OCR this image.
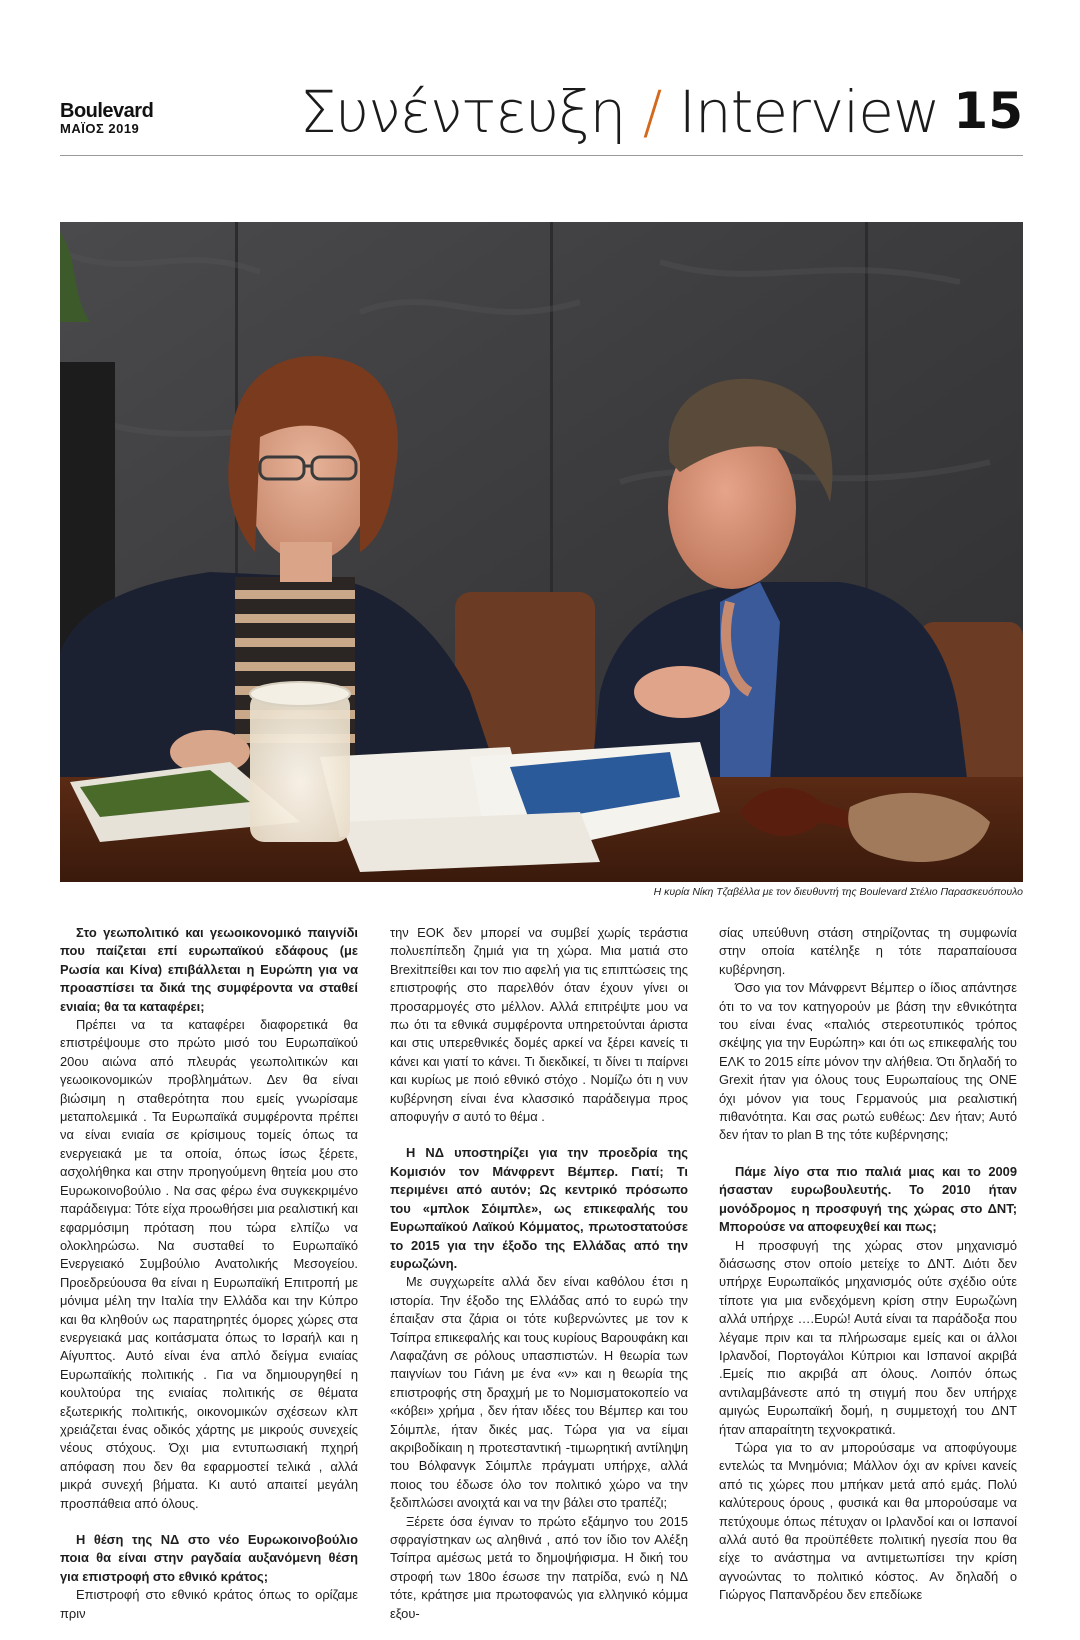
Boulevard
ΜΑΪΟΣ 2019	Συνέντευξη / Interview 15
Η κυρία Νίκη Τζαβέλλα με τον διευθυντή της Boulevard Στέλιο Παρασκευόπουλο

Στο γεωπολιτικό και γεωοικονομικό παιγνίδι που παίζεται επί ευρωπαϊκού εδάφους (με Ρωσία και Κίνα) επιβάλλεται η Ευρώπη για να προασπίσει τα δικά της συμφέροντα να σταθεί ενιαία; θα τα καταφέρει;

Πρέπει να τα καταφέρει διαφορετικά θα επιστρέψουμε στο πρώτο μισό του Ευρωπαϊκού 20ου αιώνα από πλευράς γεωπολιτικών και γεωοικονομικών προβλημάτων. Δεν θα είναι βιώσιμη η σταθερότητα που εμείς γνωρίσαμε μεταπολεμικά . Τα Ευρωπαϊκά συμφέροντα πρέπει να είναι ενιαία σε κρίσιμους τομείς όπως τα ενεργειακά με τα οποία, όπως ίσως ξέρετε, ασχολήθηκα και στην προηγούμενη θητεία μου στο Ευρωκοινοβούλιο . Να σας φέρω ένα συγκεκριμένο παράδειγμα: Τότε είχα προωθήσει μια ρεαλιστική και εφαρμόσιμη πρόταση που τώρα ελπίζω να ολοκληρώσω. Να συσταθεί το Ευρωπαϊκό Ενεργειακό Συμβούλιο Ανατολικής Μεσογείου. Προεδρεύουσα θα είναι η Ευρωπαϊκή Επιτροπή με μόνιμα μέλη την Ιταλία την Ελλάδα και την Κύπρο και θα κληθούν ως παρατηρητές όμορες χώρες στα ενεργειακά μας κοιτάσματα όπως το Ισραήλ και η Αίγυπτος. Αυτό είναι ένα απλό δείγμα ενιαίας Ευρωπαϊκής πολιτικής . Για να δημιουργηθεί η κουλτούρα της ενιαίας πολιτικής σε θέματα εξωτερικής πολιτικής, οικονομικών σχέσεων κλπ χρειάζεται ένας οδικός χάρτης με μικρούς συνεχείς νέους στόχους. Όχι μια εντυπωσιακή πχηρή απόφαση που δεν θα εφαρμοστεί τελικά , αλλά μικρά συνεχή βήματα. Κι αυτό απαιτεί μεγάλη προσπάθεια από όλους.

Η θέση της ΝΔ στο νέο Ευρωκοινοβούλιο ποια θα είναι στην ραγδαία αυξανόμενη θέση για επιστροφή στο εθνικό κράτος;

Επιστροφή στο εθνικό κράτος όπως το ορίζαμε πριν

την ΕΟΚ δεν μπορεί να συμβεί χωρίς τεράστια πολυεπίπεδη ζημιά για τη χώρα. Μια ματιά στο Brexitπείθει και τον πιο αφελή για τις επιπτώσεις της επιστροφής στο παρελθόν όταν έχουν γίνει οι προσαρμογές στο μέλλον. Αλλά επιτρέψτε μου να πω ότι τα εθνικά συμφέροντα υπηρετούνται άριστα και στις υπερεθνικές δομές αρκεί να ξέρει κανείς τι κάνει και γιατί το κάνει. Τι διεκδικεί, τι δίνει τι παίρνει και κυρίως με ποιό εθνικό στόχο . Νομίζω ότι η νυν κυβέρνηση είναι ένα κλασσικό παράδειγμα προς αποφυγήν σ αυτό το θέμα .

Η ΝΔ υποστηρίζει για την προεδρία της Κομισιόν τον Μάνφρεντ Βέμπερ. Γιατί; Τι περιμένει από αυτόν; Ως κεντρικό πρόσωπο του «μπλοκ Σόιμπλε», ως επικεφαλής του Ευρωπαϊκού Λαϊκού Κόμματος, πρωτοστατούσε το 2015 για την έξοδο της Ελλάδας από την ευρωζώνη.

Με συγχωρείτε αλλά δεν είναι καθόλου έτσι η ιστορία. Την έξοδο της Ελλάδας από το ευρώ την έπαιξαν στα ζάρια οι τότε κυβερνώντες με τον κ Τσίπρα επικεφαλής και τους κυρίους Βαρουφάκη και Λαφαζάνη σε ρόλους υπασπιστών. Η θεωρία των παιγνίων του Γιάνη με ένα «ν» και η θεωρία της επιστροφής στη δραχμή με το Νομισματοκοπείο να «κόβει» χρήμα , δεν ήταν ιδέες του Βέμπερ και του Σόιμπλε, ήταν δικές μας. Τώρα για να είμαι ακριβοδίκαιη η προτεσταντική -τιμωρητική αντίληψη του Βόλφανγκ Σόιμπλε πράγματι υπήρχε, αλλά ποιος του έδωσε όλο τον πολιτικό χώρο να την ξεδιπλώσει ανοιχτά και να την βάλει στο τραπέζι;

Ξέρετε όσα έγιναν το πρώτο εξάμηνο του 2015 σφραγίστηκαν ως αληθινά , από τον ίδιο τον Αλέξη Τσίπρα αμέσως μετά το δημοψήφισμα. Η δική του στροφή των 180ο έσωσε την πατρίδα, ενώ η ΝΔ τότε, κράτησε μια πρωτοφανώς για ελληνικό κόμμα εξου-

σίας υπεύθυνη στάση στηρίζοντας τη συμφωνία στην οποία κατέληξε η τότε παραπαίουσα κυβέρνηση.

Όσο για τον Μάνφρεντ Βέμπερ ο ίδιος απάντησε ότι το να τον κατηγορούν με βάση την εθνικότητα του είναι ένας «παλιός στερεοτυπικός τρόπος σκέψης για την Ευρώπη» και ότι ως επικεφαλής του ΕΛΚ το 2015 είπε μόνον την αλήθεια. Ότι δηλαδή το Grexit ήταν για όλους τους Ευρωπαίους της ΟΝΕ όχι μόνον για τους Γερμανούς μια ρεαλιστική πιθανότητα. Και σας ρωτώ ευθέως: Δεν ήταν; Αυτό δεν ήταν το plan B της τότε κυβέρνησης;

Πάμε λίγο στα πιο παλιά μιας και το 2009 ήσασταν ευρωβουλευτής. Το 2010 ήταν μονόδρομος η προσφυγή της χώρας στο ΔΝΤ; Μπορούσε να αποφευχθεί και πως;

Η προσφυγή της χώρας στον μηχανισμό διάσωσης στον οποίο μετείχε το ΔΝΤ. Διότι δεν υπήρχε Ευρωπαϊκός μηχανισμός ούτε σχέδιο ούτε τίποτε για μια ενδεχόμενη κρίση στην Ευρωζώνη αλλά υπήρχε ….Ευρώ! Αυτά είναι τα παράδοξα που λέγαμε πριν και τα πλήρωσαμε εμείς και οι άλλοι Ιρλανδοί, Πορτογάλοι Κύπριοι και Ισπανοί ακριβά .Εμείς πιο ακριβά απ όλους. Λοιπόν όπως αντιλαμβάνεστε από τη στιγμή που δεν υπήρχε αμιγώς Ευρωπαϊκή δομή, η συμμετοχή του ΔΝΤ ήταν απαραίτητη τεχνοκρατικά.

Τώρα για το αν μπορούσαμε να αποφύγουμε εντελώς τα Μνημόνια; Μάλλον όχι αν κρίνει κανείς από τις χώρες που μπήκαν μετά από εμάς. Πολύ καλύτερους όρους , φυσικά και θα μπορούσαμε να πετύχουμε όπως πέτυχαν οι Ιρλανδοί και οι Ισπανοί αλλά αυτό θα προϋπέθετε πολιτική ηγεσία που θα είχε το ανάστημα να αντιμετωπίσει την κρίση αγνοώντας το πολιτικό κόστος. Αν δηλαδή ο Γιώργος Παπανδρέου δεν επεδίωκε
